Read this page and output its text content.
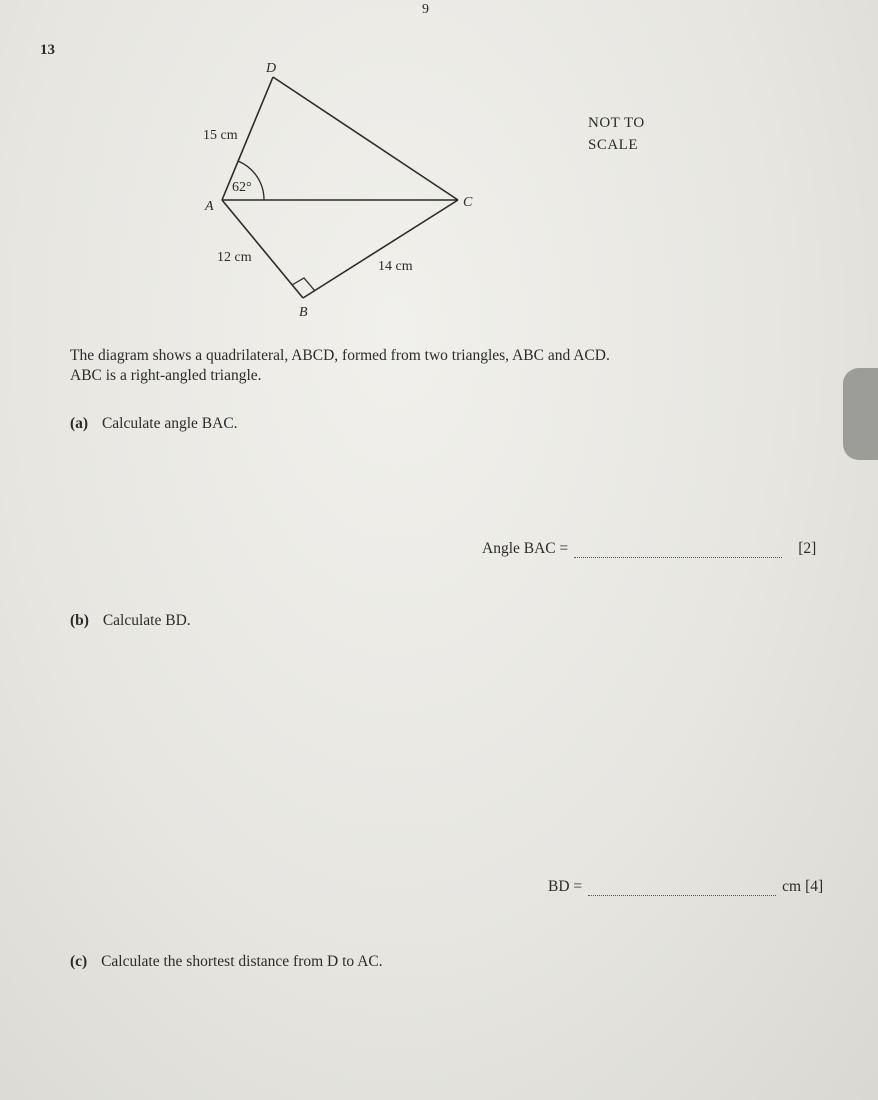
9
13
D
A	C
B
15 cm
12 cm
14 cm
62°
NOT TO
SCALE
The diagram shows a quadrilateral, ABCD, formed from two triangles, ABC and ACD.
ABC is a right-angled triangle.
(a) Calculate angle BAC.
Angle BAC =	[2]
(b) Calculate BD.
BD =	cm [4]
(c) Calculate the shortest distance from D to AC.
